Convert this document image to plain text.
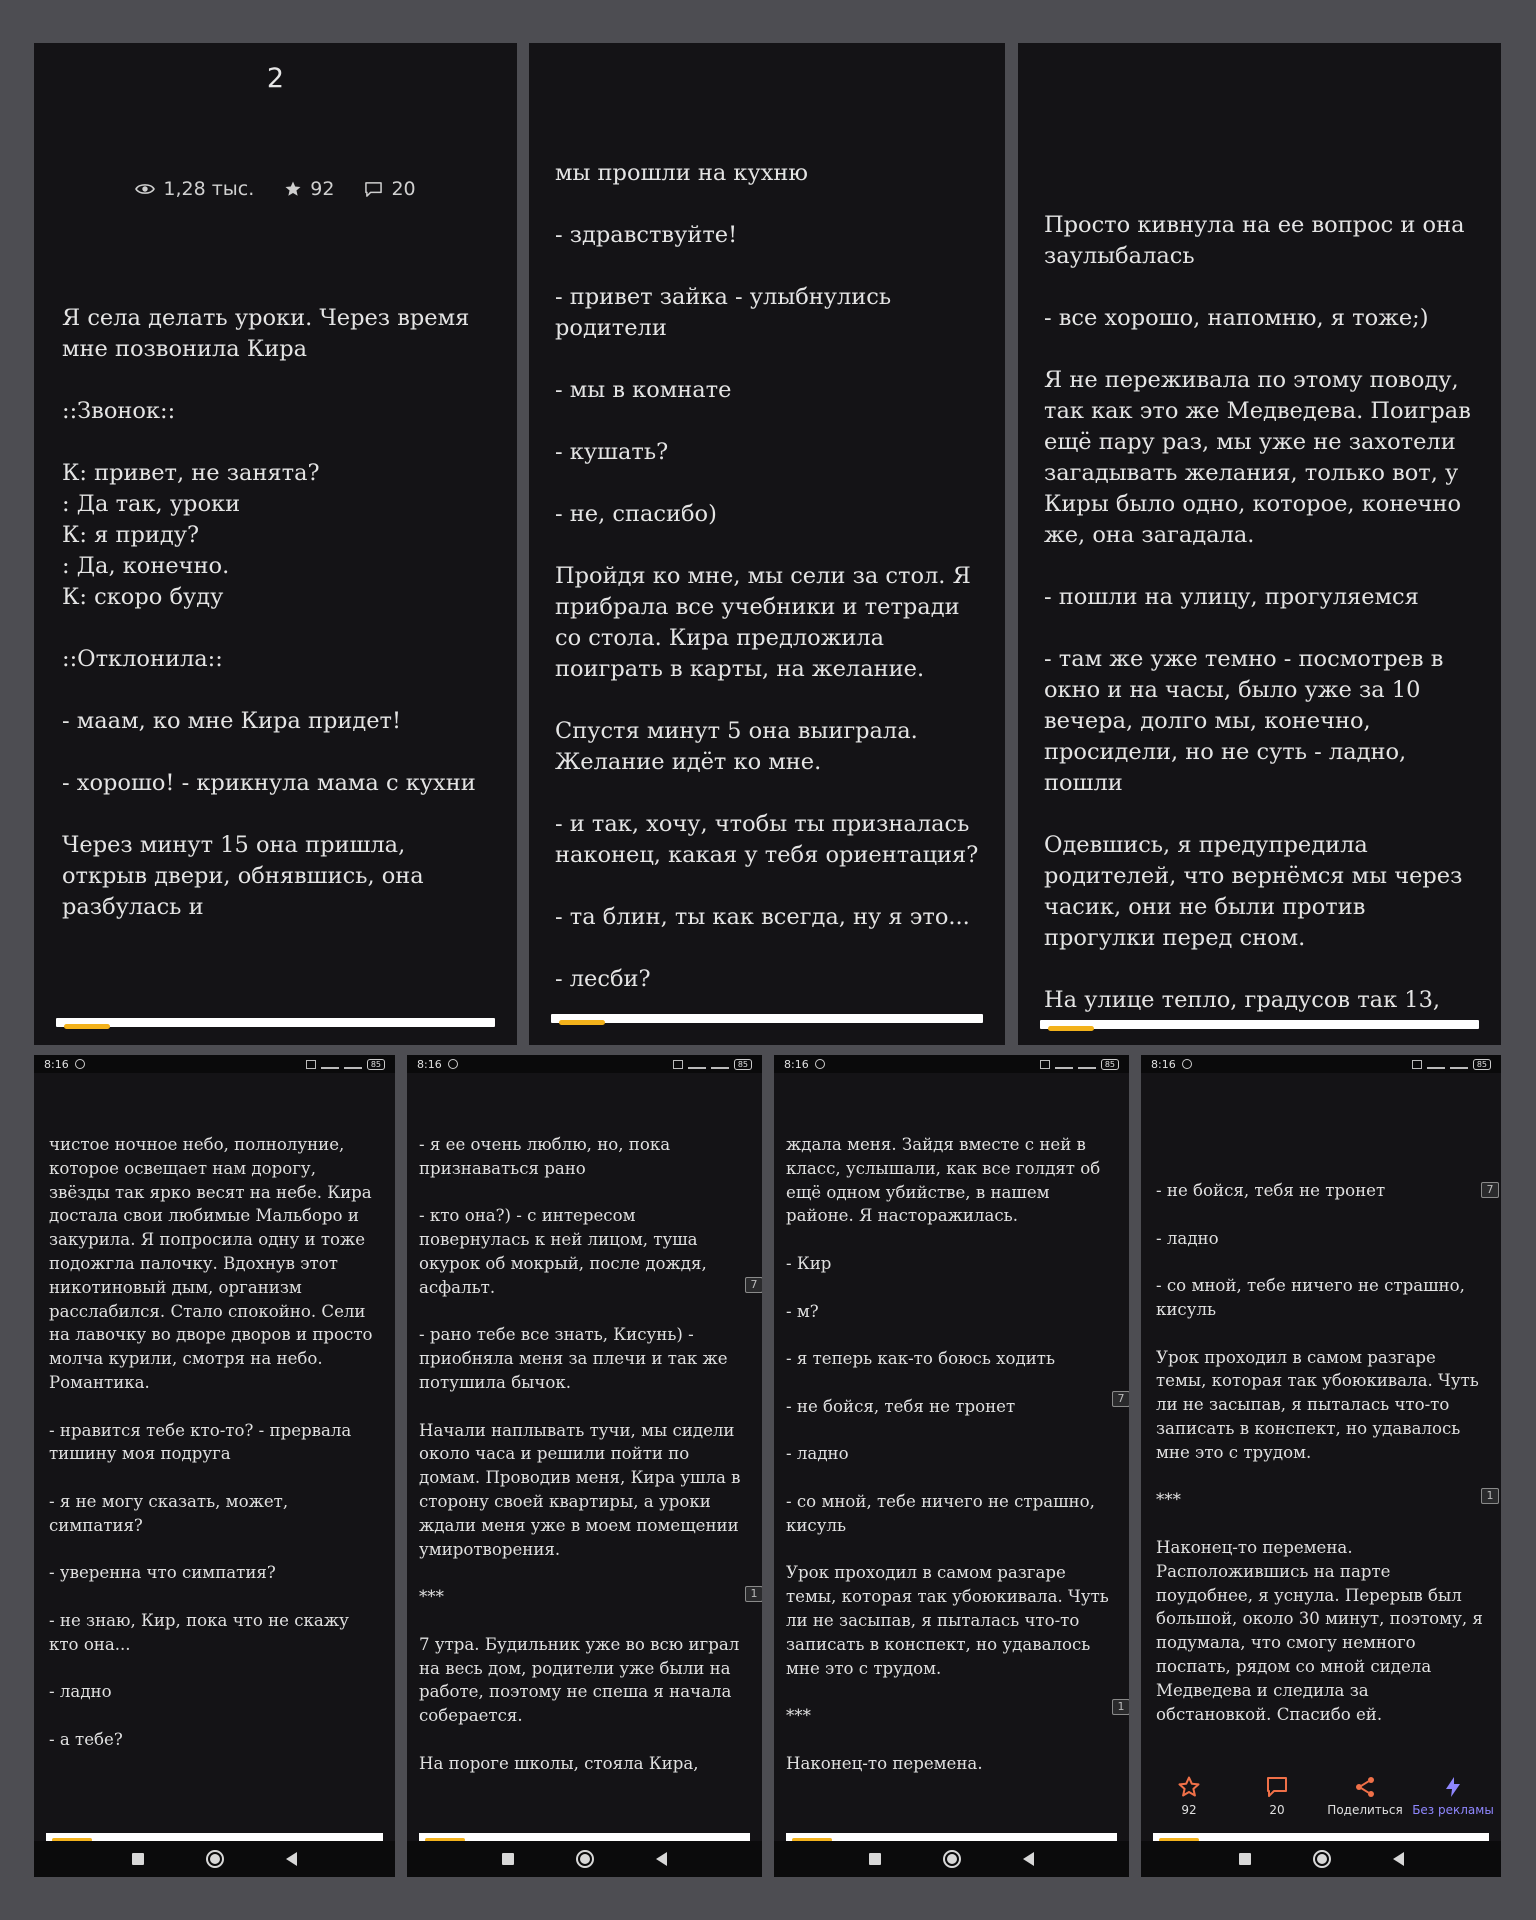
2
1,28 тыс.	92	20
Я села делать уроки. Через время мне позвонила Кира

::Звонок::

К: привет, не занята?
: Да так, уроки
К: я приду?
: Да, конечно.
К: скоро буду

::Отклонила::

- маам, ко мне Кира придет!

- хорошо! - крикнула мама с кухни

Через минут 15 она пришла, открыв двери, обнявшись, она разбулась и
мы прошли на кухню

- здравствуйте!

- привет зайка - улыбнулись родители

- мы в комнате

- кушать?

- не, спасибо)

Пройдя ко мне, мы сели за стол. Я прибрала все учебники и тетради со стола. Кира предложила поиграть в карты, на желание.

Спустя минут 5 она выиграла. Желание идёт ко мне.

- и так, хочу, чтобы ты призналась наконец, какая у тебя ориентация?

- та блин, ты как всегда, ну я это...

- лесби?
Просто кивнула на ее вопрос и она заулыбалась

- все хорошо, напомню, я тоже;)

Я не переживала по этому поводу, так как это же Медведева. Поиграв ещё пару раз, мы уже не захотели загадывать желания, только вот, у Киры было одно, которое, конечно же, она загадала.

- пошли на улицу, прогуляемся

- там же уже темно - посмотрев в окно и на часы, было уже за 10 вечера, долго мы, конечно, просидели, но не суть - ладно, пошли

Одевшись, я предупредила родителей, что вернёмся мы через часик, они не были против прогулки перед сном.

На улице тепло, градусов так 13,
8:16	85
чистое ночное небо, полнолуние, которое освещает нам дорогу, звёзды так ярко весят на небе. Кира достала свои любимые Мальборо и закурила. Я попросила одну и тоже подожгла палочку. Вдохнув этот никотиновый дым, организм расслабился. Стало спокойно. Сели на лавочку во дворе дворов и просто молча курили, смотря на небо. Романтика.

- нравится тебе кто-то? - прервала тишину моя подруга

- я не могу сказать, может, симпатия?

- уверенна что симпатия?

- не знаю, Кир, пока что не скажу кто она...

- ладно

- а тебе?
8:16	85
- я ее очень люблю, но, пока признаваться рано

- кто она?) - с интересом повернулась к ней лицом, туша окурок об мокрый, после дождя, асфальт.

- рано тебе все знать, Кисунь) - приобняла меня за плечи и так же потушила бычок.

Начали наплывать тучи, мы сидели около часа и решили пойти по домам. Проводив меня, Кира ушла в сторону своей квартиры, а уроки ждали меня уже в моем помещении умиротворения.

***

7 утра. Будильник уже во всю играл на весь дом, родители уже были на работе, поэтому не спеша я начала соберается.

На пороге школы, стояла Кира,
7
1
8:16	85
ждала меня. Зайдя вместе с ней в класс, услышали, как все голдят об ещё одном убийстве, в нашем районе. Я насторажилась.

- Кир

- м?

- я теперь как-то боюсь ходить

- не бойся, тебя не тронет

- ладно

- со мной, тебе ничего не страшно, кисуль

Урок проходил в самом разгаре темы, которая так убоюкивала. Чуть ли не засыпав, я пыталась что-то записать в конспект, но удавалось мне это с трудом.

***

Наконец-то перемена.
7
1
8:16	85
- не бойся, тебя не тронет

- ладно

- со мной, тебе ничего не страшно, кисуль

Урок проходил в самом разгаре темы, которая так убоюкивала. Чуть ли не засыпав, я пыталась что-то записать в конспект, но удавалось мне это с трудом.

***

Наконец-то перемена. Расположившись на парте поудобнее, я уснула. Перерыв был большой, около 30 минут, поэтому, я подумала, что смогу немного поспать, рядом со мной сидела Медведева и следила за обстановкой. Спасибо ей.
7
1
92	20	Поделиться Без рекламы
